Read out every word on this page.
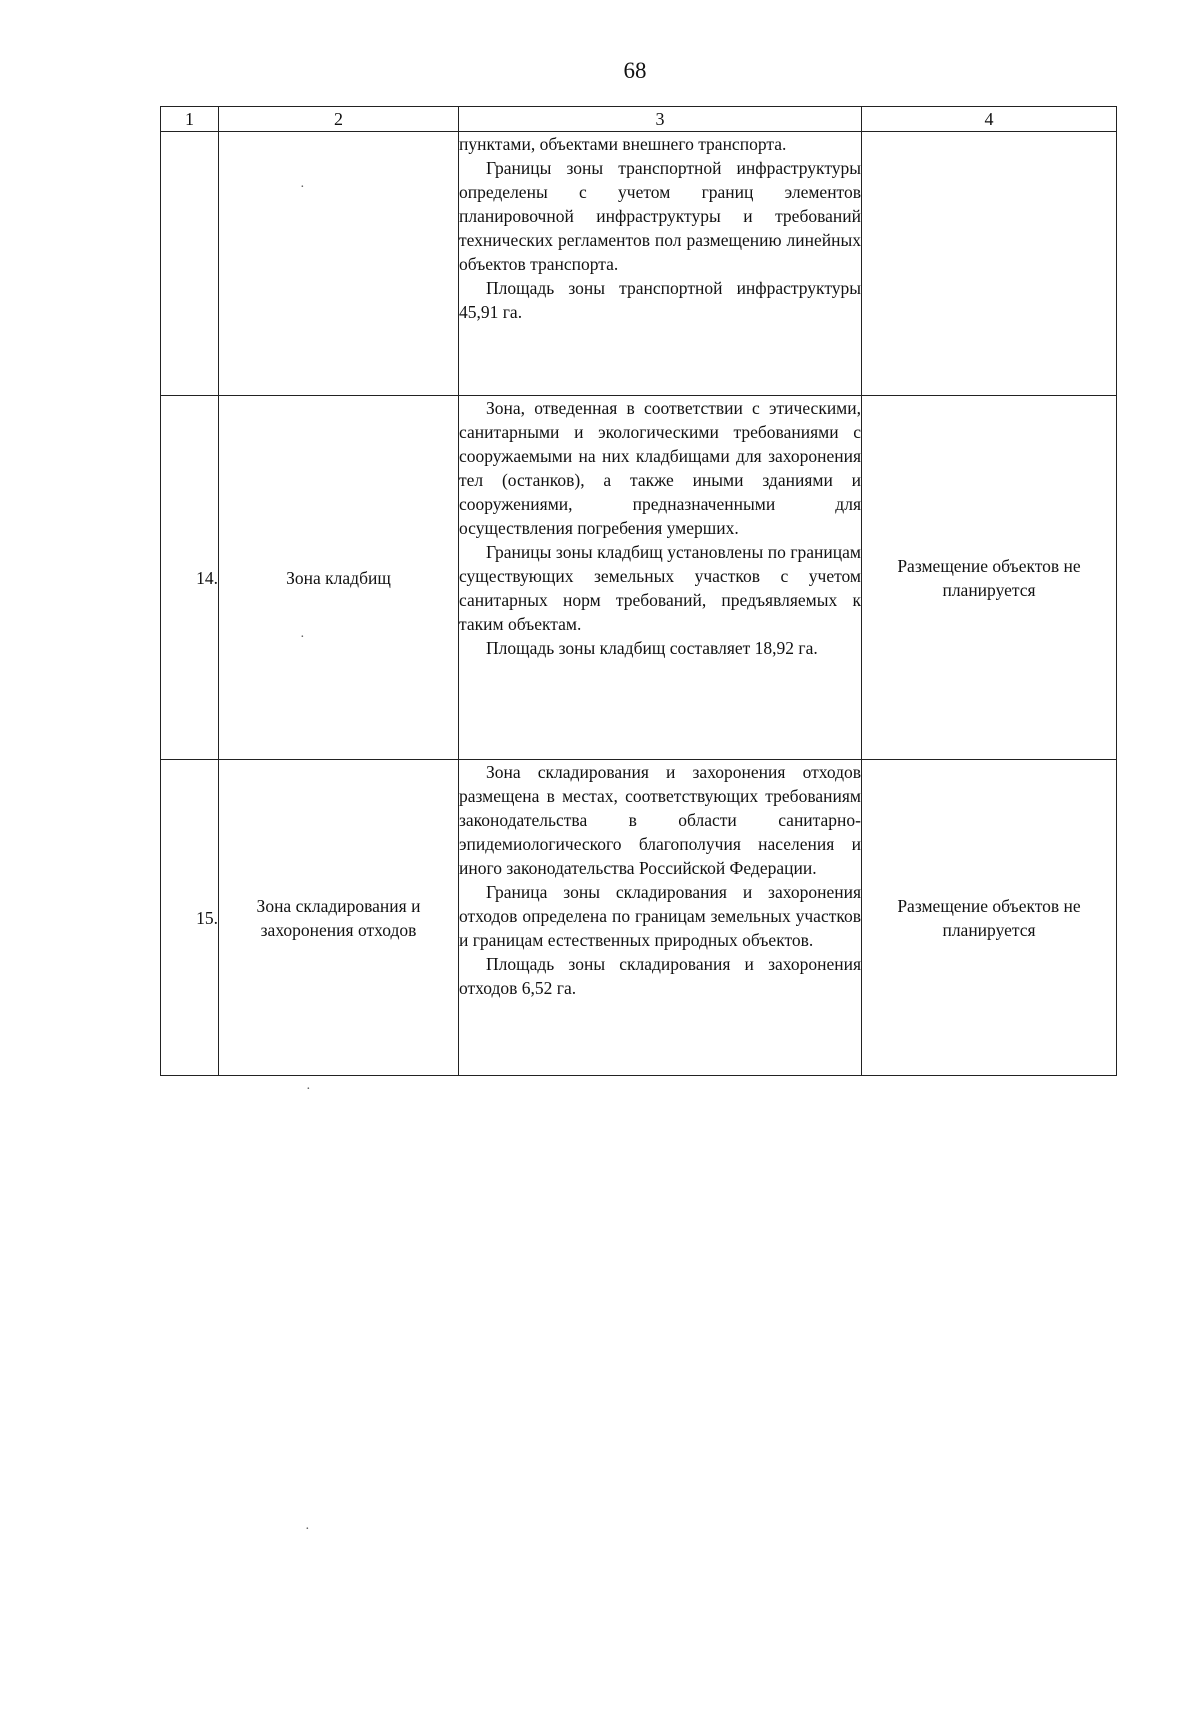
68
1	2	3	4

		пунктами, объектами внешнего транспорта.

Границы зоны транспортной инфраструктуры определены с учетом границ элементов планировочной инфраструктуры и требований технических регламентов пол размещению линейных объектов транспорта.

Площадь зоны транспортной инфраструктуры 45,91 га.	

14.	Зона кладбищ	Зона, отведенная в соответствии с этическими, санитарными и экологическими требованиями с сооружаемыми на них кладбищами для захоронения тел (останков), а также иными зданиями и сооружениями, предназначенными для осуществления погребения умерших.

Границы зоны кладбищ установлены по границам существующих земельных участков с учетом санитарных норм требований, предъявляемых к таким объектам.

Площадь зоны кладбищ составляет 18,92 га.	Размещение объектов не планируется
15.	Зона складирования и захоронения отходов	Зона складирования и захоронения отходов размещена в местах, соответствующих требованиям законодательства в области санитарно-эпидемиологического благополучия населения и иного законодательства Российской Федерации.

Граница зоны складирования и захоронения отходов определена по границам земельных участков и границам естественных природных объектов.

Площадь зоны складирования и захоронения отходов 6,52 га.	Размещение объектов не планируется
·
·
·
·
